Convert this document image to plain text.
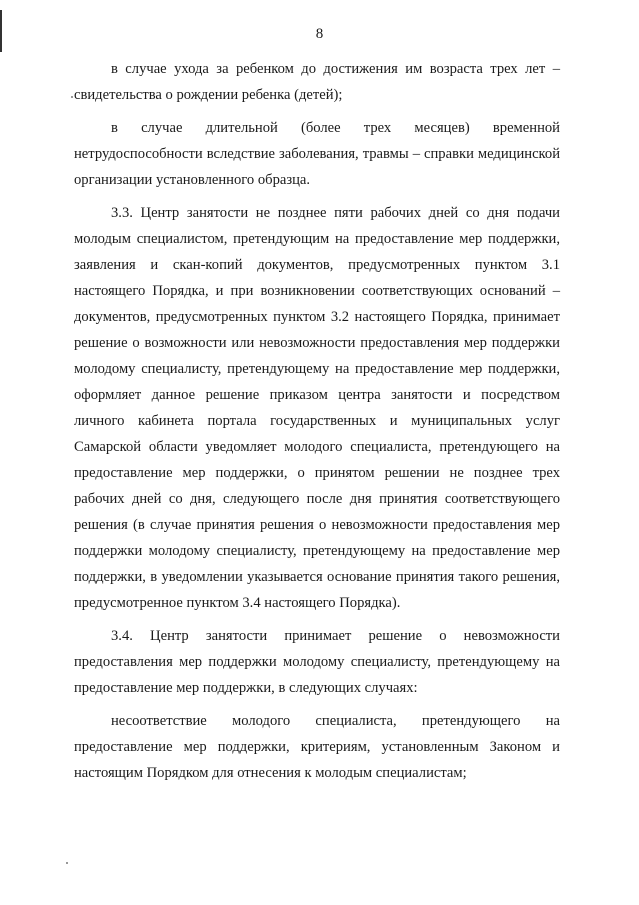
8

в случае ухода за ребенком до достижения им возраста трех лет – свидетельства о рождении ребенка (детей);

в случае длительной (более трех месяцев) временной нетрудоспособности вследствие заболевания, травмы – справки медицинской организации установленного образца.

3.3. Центр занятости не позднее пяти рабочих дней со дня подачи молодым специалистом, претендующим на предоставление мер поддержки, заявления и скан-копий документов, предусмотренных пунктом 3.1 настоящего Порядка, и при возникновении соответствующих оснований – документов, предусмотренных пунктом 3.2 настоящего Порядка, принимает решение о возможности или невозможности предоставления мер поддержки молодому специалисту, претендующему на предоставление мер поддержки, оформляет данное решение приказом центра занятости и посредством личного кабинета портала государственных и муниципальных услуг Самарской области уведомляет молодого специалиста, претендующего на предоставление мер поддержки, о принятом решении не позднее трех рабочих дней со дня, следующего после дня принятия соответствующего решения (в случае принятия решения о невозможности предоставления мер поддержки молодому специалисту, претендующему на предоставление мер поддержки, в уведомлении указывается основание принятия такого решения, предусмотренное пунктом 3.4 настоящего Порядка).

3.4. Центр занятости принимает решение о невозможности предоставления мер поддержки молодому специалисту, претендующему на предоставление мер поддержки, в следующих случаях:

несоответствие молодого специалиста, претендующего на предоставление мер поддержки, критериям, установленным Законом и настоящим Порядком для отнесения к молодым специалистам;
